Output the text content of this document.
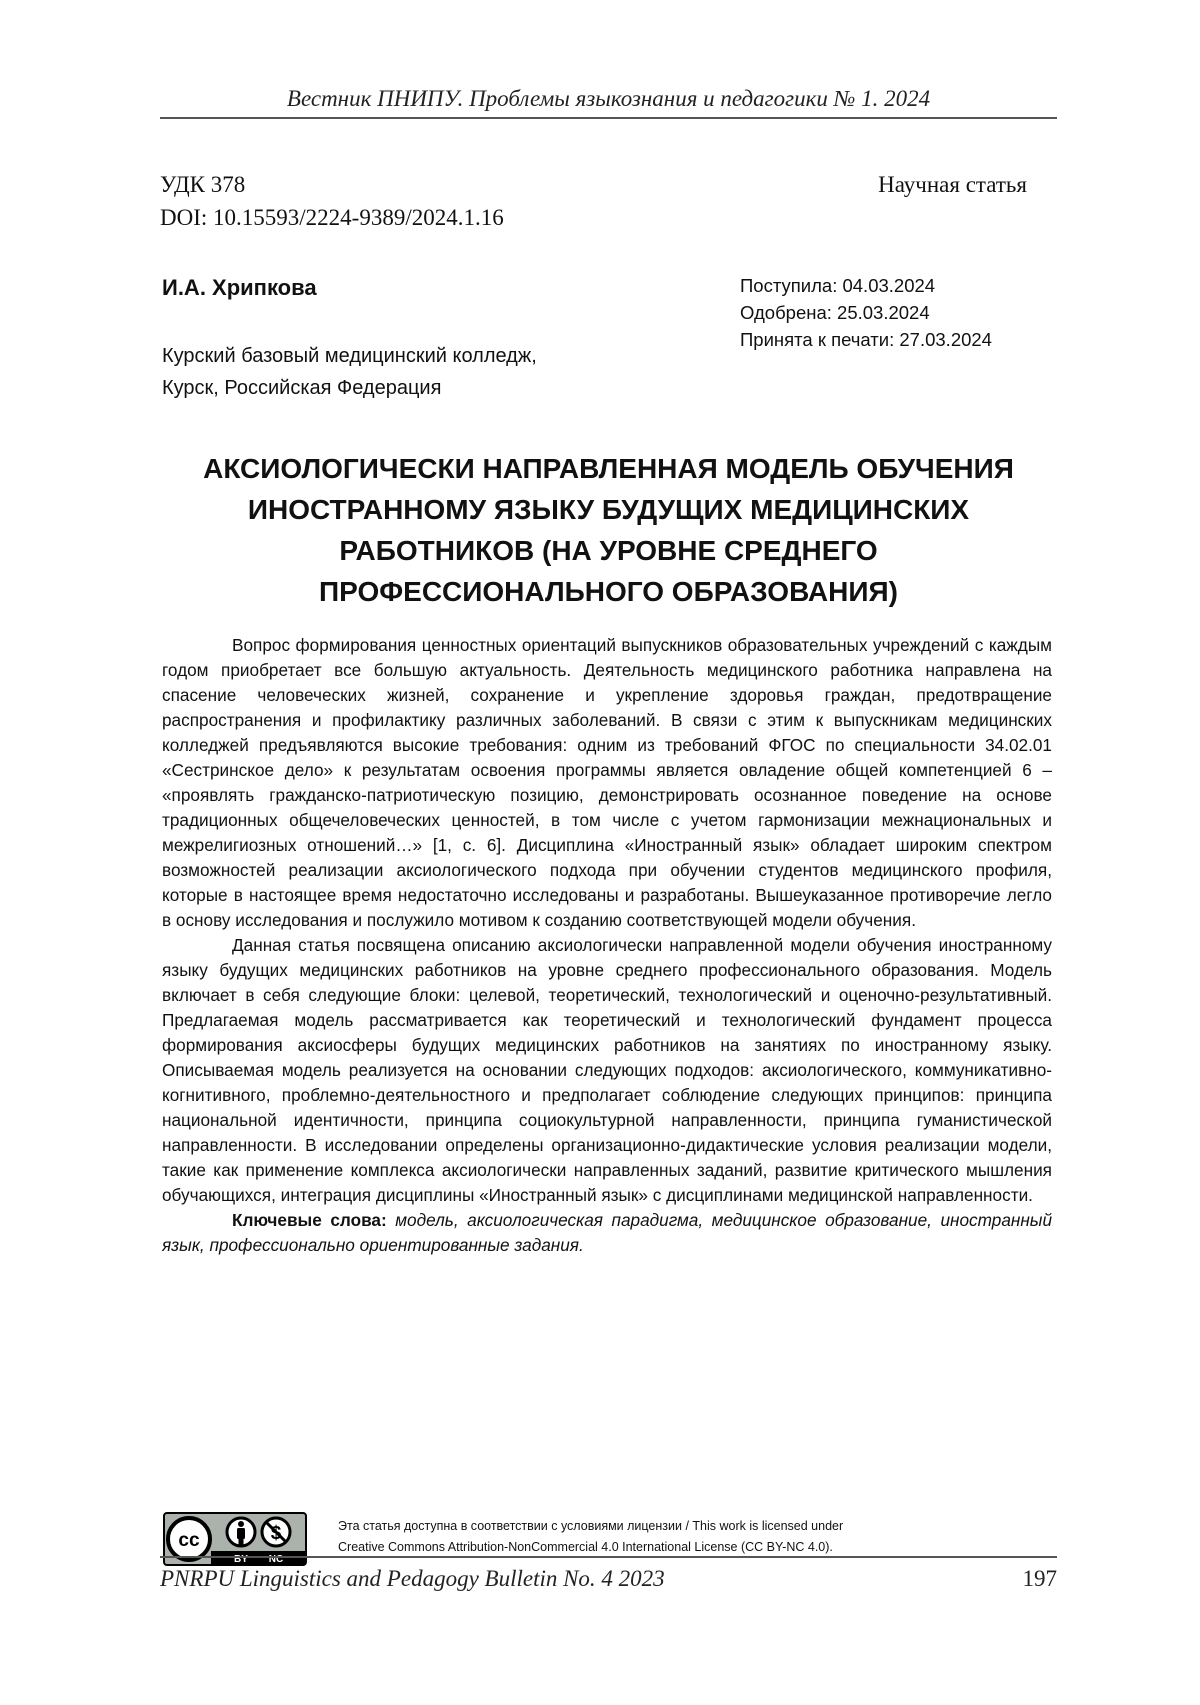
Вестник ПНИПУ. Проблемы языкознания и педагогики № 1. 2024
УДК 378
DOI: 10.15593/2224-9389/2024.1.16
Научная статья
И.А. Хрипкова
Курский базовый медицинский колледж,
Курск, Российская Федерация
Поступила: 04.03.2024
Одобрена: 25.03.2024
Принята к печати: 27.03.2024
АКСИОЛОГИЧЕСКИ НАПРАВЛЕННАЯ МОДЕЛЬ ОБУЧЕНИЯ
ИНОСТРАННОМУ ЯЗЫКУ БУДУЩИХ МЕДИЦИНСКИХ
РАБОТНИКОВ (НА УРОВНЕ СРЕДНЕГО
ПРОФЕССИОНАЛЬНОГО ОБРАЗОВАНИЯ)

Вопрос формирования ценностных ориентаций выпускников образовательных учреждений с каждым годом приобретает все большую актуальность. Деятельность медицинского работника направлена на спасение человеческих жизней, сохранение и укрепление здоровья граждан, предотвращение распространения и профилактику различных заболеваний. В связи с этим к выпускникам медицинских колледжей предъявляются высокие требования: одним из требований ФГОС по специальности 34.02.01 «Сестринское дело» к результатам освоения программы является овладение общей компетенцией 6 – «проявлять гражданско-патриотическую позицию, демонстрировать осознанное поведение на основе традиционных общечеловеческих ценностей, в том числе с учетом гармонизации межнациональных и межрелигиозных отношений…» [1, с. 6]. Дисциплина «Иностранный язык» обладает широким спектром возможностей реализации аксиологического подхода при обучении студентов медицинского профиля, которые в настоящее время недостаточно исследованы и разработаны. Вышеуказанное противоречие легло в основу исследования и послужило мотивом к созданию соответствующей модели обучения.

Данная статья посвящена описанию аксиологически направленной модели обучения иностранному языку будущих медицинских работников на уровне среднего профессионального образования. Модель включает в себя следующие блоки: целевой, теоретический, технологический и оценочно-результативный. Предлагаемая модель рассматривается как теоретический и технологический фундамент процесса формирования аксиосферы будущих медицинских работников на занятиях по иностранному языку. Описываемая модель реализуется на основании следующих подходов: аксиологического, коммуникативно-когнитивного, проблемно-деятельностного и предполагает соблюдение следующих принципов: принципа национальной идентичности, принципа социокультурной направленности, принципа гуманистической направленности. В исследовании определены организационно-дидактические условия реализации модели, такие как применение комплекса аксиологически направленных заданий, развитие критического мышления обучающихся, интеграция дисциплины «Иностранный язык» с дисциплинами медицинской направленности.

Ключевые слова: модель, аксиологическая парадигма, медицинское образование, иностранный язык, профессионально ориентированные задания.

cc
BY NC
Эта статья доступна в соответствии с условиями лицензии / This work is licensed under
Creative Commons Attribution-NonCommercial 4.0 International License (CC BY-NC 4.0).
PNRPU Linguistics and Pedagogy Bulletin No. 4 2023	197
